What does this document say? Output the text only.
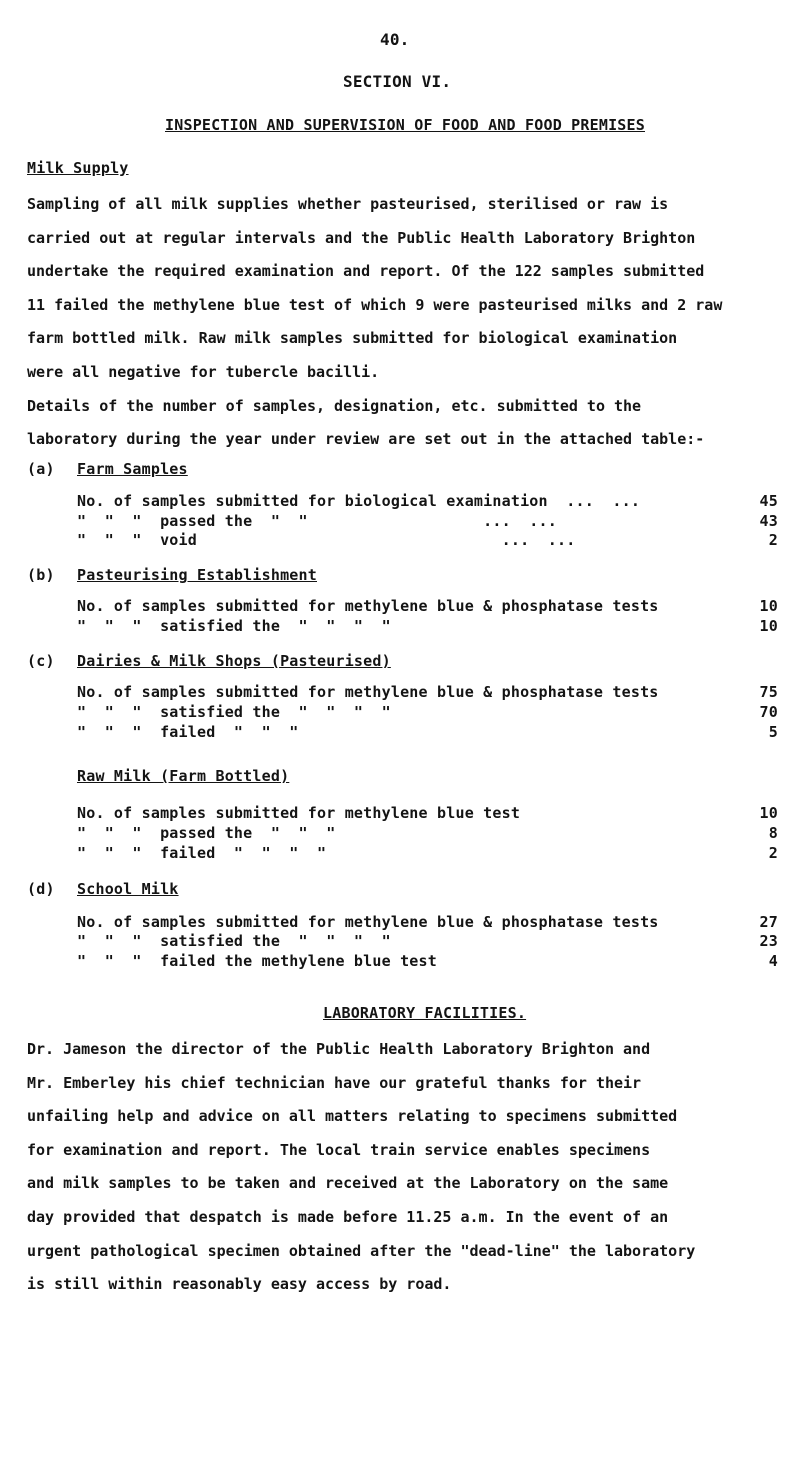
40.
SECTION VI.
INSPECTION AND SUPERVISION OF FOOD AND FOOD PREMISES
Milk Supply

Sampling of all milk supplies whether pasteurised, sterilised or raw is

carried out at regular intervals and the Public Health Laboratory Brighton

undertake the required examination and report. Of the 122 samples submitted

11 failed the methylene blue test of which 9 were pasteurised milks and 2 raw

farm bottled milk. Raw milk samples submitted for biological examination

were all negative for tubercle bacilli.

Details of the number of samples, designation, etc. submitted to the

laboratory during the year under review are set out in the attached table:-

(a) Farm Samples
No. of samples submitted for biological examination  ...  ...	45
"  "  "  passed the  "  "                   ...  ...	43
"  "  "  void                                 ...  ...	2
(b) Pasteurising Establishment
No. of samples submitted for methylene blue & phosphatase tests	10
"  "  "  satisfied the  "  "  "  "	10
(c) Dairies & Milk Shops (Pasteurised)
No. of samples submitted for methylene blue & phosphatase tests	75
"  "  "  satisfied the  "  "  "  "	70
"  "  "  failed  "  "  "	5
Raw Milk (Farm Bottled)
No. of samples submitted for methylene blue test	10
"  "  "  passed the  "  "  "	8
"  "  "  failed  "  "  "  "	2
(d) School Milk
No. of samples submitted for methylene blue & phosphatase tests	27
"  "  "  satisfied the  "  "  "  "	23
"  "  "  failed the methylene blue test	4
LABORATORY FACILITIES.

Dr. Jameson the director of the Public Health Laboratory Brighton and

Mr. Emberley his chief technician have our grateful thanks for their

unfailing help and advice on all matters relating to specimens submitted

for examination and report. The local train service enables specimens

and milk samples to be taken and received at the Laboratory on the same

day provided that despatch is made before 11.25 a.m. In the event of an

urgent pathological specimen obtained after the "dead-line" the laboratory

is still within reasonably easy access by road.
